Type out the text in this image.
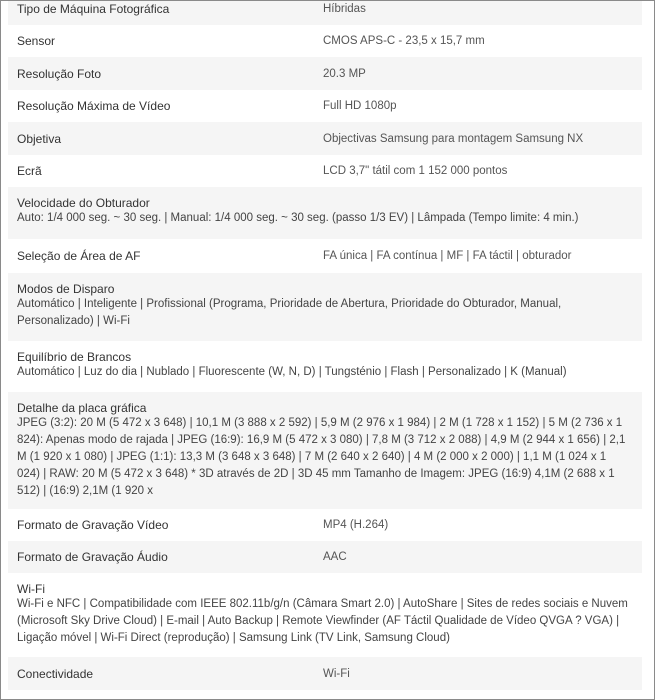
Tipo de Máquina Fotográfica	Híbridas
Sensor	CMOS APS-C - 23,5 x 15,7 mm
Resolução Foto	20.3 MP
Resolução Máxima de Vídeo	Full HD 1080p
Objetiva	Objectivas Samsung para montagem Samsung NX
Ecrã	LCD 3,7" tátil com 1 152 000 pontos
Velocidade do Obturador
Auto: 1/4 000 seg. ~ 30 seg. | Manual: 1/4 000 seg. ~ 30 seg. (passo 1/3 EV) | Lâmpada (Tempo limite: 4 min.)
Seleção de Área de AF	FA única | FA contínua | MF | FA táctil | obturador
Modos de Disparo
Automático | Inteligente | Profissional (Programa, Prioridade de Abertura, Prioridade do Obturador, Manual, Personalizado) | Wi-Fi
Equilíbrio de Brancos
Automático | Luz do dia | Nublado | Fluorescente (W, N, D) | Tungsténio | Flash | Personalizado | K (Manual)
Detalhe da placa gráfica
JPEG (3:2): 20 M (5 472 x 3 648) | 10,1 M (3 888 x 2 592) | 5,9 M (2 976 x 1 984) | 2 M (1 728 x 1 152) | 5 M (2 736 x 1 824): Apenas modo de rajada | JPEG (16:9): 16,9 M (5 472 x 3 080) | 7,8 M (3 712 x 2 088) | 4,9 M (2 944 x 1 656) | 2,1 M (1 920 x 1 080) | JPEG (1:1): 13,3 M (3 648 x 3 648) | 7 M (2 640 x 2 640) | 4 M (2 000 x 2 000) | 1,1 M (1 024 x 1 024) | RAW: 20 M (5 472 x 3 648) * 3D através de 2D | 3D 45 mm Tamanho de Imagem: JPEG (16:9) 4,1M (2 688 x 1 512) | (16:9) 2,1M (1 920 x
Formato de Gravação Vídeo	MP4 (H.264)
Formato de Gravação Áudio	AAC
Wi-Fi
Wi-Fi e NFC | Compatibilidade com IEEE 802.11b/g/n (Câmara Smart 2.0) | AutoShare | Sites de redes sociais e Nuvem (Microsoft Sky Drive Cloud) | E-mail | Auto Backup | Remote Viewfinder (AF Táctil Qualidade de Vídeo QVGA ? VGA) | Ligação móvel | Wi-Fi Direct (reprodução) | Samsung Link (TV Link, Samsung Cloud)
Conectividade	Wi-Fi
